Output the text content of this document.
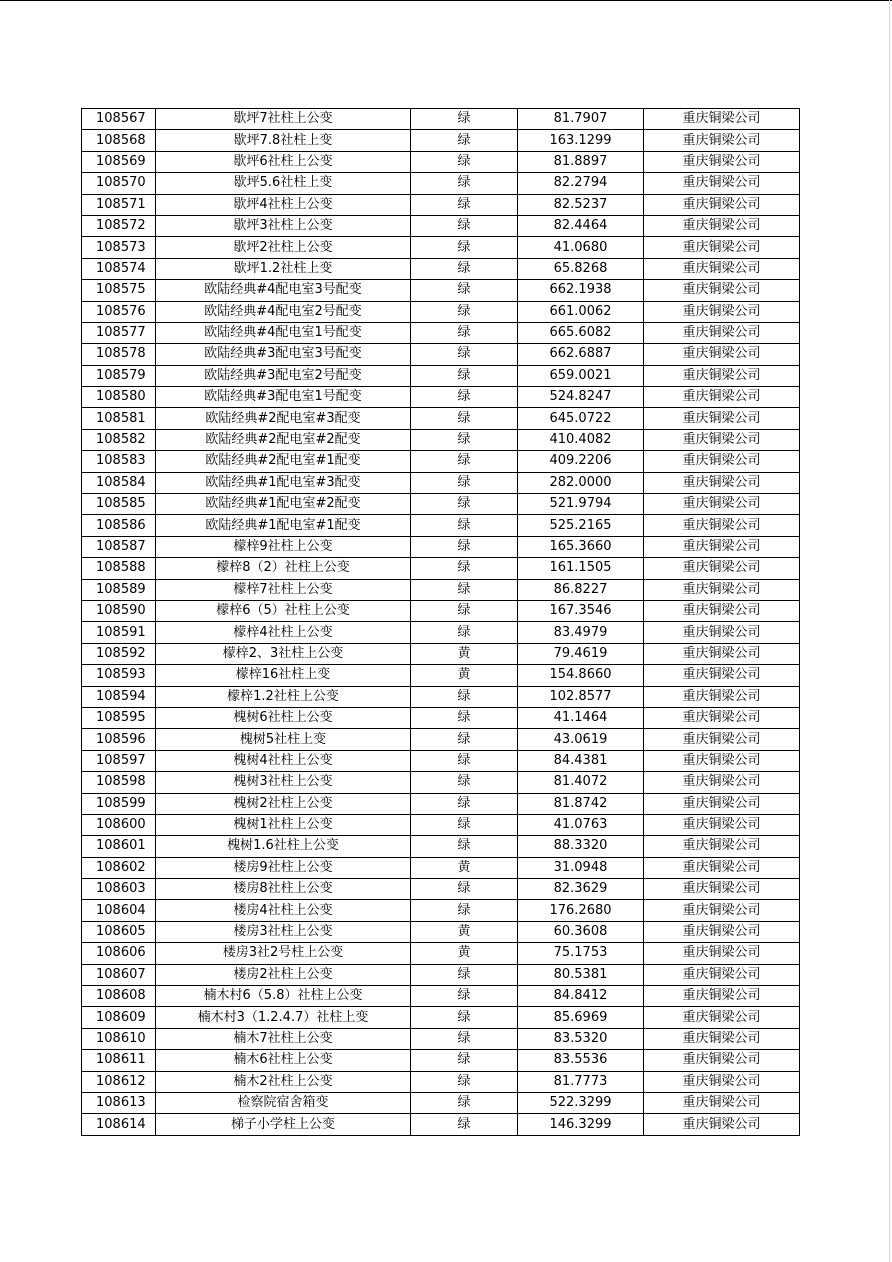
108567	歇坪7社柱上公变	绿	81.7907	重庆铜梁公司
108568	歇坪7.8社柱上变	绿	163.1299	重庆铜梁公司
108569	歇坪6社柱上公变	绿	81.8897	重庆铜梁公司
108570	歇坪5.6社柱上变	绿	82.2794	重庆铜梁公司
108571	歇坪4社柱上公变	绿	82.5237	重庆铜梁公司
108572	歇坪3社柱上公变	绿	82.4464	重庆铜梁公司
108573	歇坪2社柱上公变	绿	41.0680	重庆铜梁公司
108574	歇坪1.2社柱上变	绿	65.8268	重庆铜梁公司
108575	欧陆经典#4配电室3号配变	绿	662.1938	重庆铜梁公司
108576	欧陆经典#4配电室2号配变	绿	661.0062	重庆铜梁公司
108577	欧陆经典#4配电室1号配变	绿	665.6082	重庆铜梁公司
108578	欧陆经典#3配电室3号配变	绿	662.6887	重庆铜梁公司
108579	欧陆经典#3配电室2号配变	绿	659.0021	重庆铜梁公司
108580	欧陆经典#3配电室1号配变	绿	524.8247	重庆铜梁公司
108581	欧陆经典#2配电室#3配变	绿	645.0722	重庆铜梁公司
108582	欧陆经典#2配电室#2配变	绿	410.4082	重庆铜梁公司
108583	欧陆经典#2配电室#1配变	绿	409.2206	重庆铜梁公司
108584	欧陆经典#1配电室#3配变	绿	282.0000	重庆铜梁公司
108585	欧陆经典#1配电室#2配变	绿	521.9794	重庆铜梁公司
108586	欧陆经典#1配电室#1配变	绿	525.2165	重庆铜梁公司
108587	檬梓9社柱上公变	绿	165.3660	重庆铜梁公司
108588	檬梓8（2）社柱上公变	绿	161.1505	重庆铜梁公司
108589	檬梓7社柱上公变	绿	86.8227	重庆铜梁公司
108590	檬梓6（5）社柱上公变	绿	167.3546	重庆铜梁公司
108591	檬梓4社柱上公变	绿	83.4979	重庆铜梁公司
108592	檬梓2、3社柱上公变	黄	79.4619	重庆铜梁公司
108593	檬梓16社柱上变	黄	154.8660	重庆铜梁公司
108594	檬梓1.2社柱上公变	绿	102.8577	重庆铜梁公司
108595	槐树6社柱上公变	绿	41.1464	重庆铜梁公司
108596	槐树5社柱上变	绿	43.0619	重庆铜梁公司
108597	槐树4社柱上公变	绿	84.4381	重庆铜梁公司
108598	槐树3社柱上公变	绿	81.4072	重庆铜梁公司
108599	槐树2社柱上公变	绿	81.8742	重庆铜梁公司
108600	槐树1社柱上公变	绿	41.0763	重庆铜梁公司
108601	槐树1.6社柱上公变	绿	88.3320	重庆铜梁公司
108602	楼房9社柱上公变	黄	31.0948	重庆铜梁公司
108603	楼房8社柱上公变	绿	82.3629	重庆铜梁公司
108604	楼房4社柱上公变	绿	176.2680	重庆铜梁公司
108605	楼房3社柱上公变	黄	60.3608	重庆铜梁公司
108606	楼房3社2号柱上公变	黄	75.1753	重庆铜梁公司
108607	楼房2社柱上公变	绿	80.5381	重庆铜梁公司
108608	楠木村6（5.8）社柱上公变	绿	84.8412	重庆铜梁公司
108609	楠木村3（1.2.4.7）社柱上变	绿	85.6969	重庆铜梁公司
108610	楠木7社柱上公变	绿	83.5320	重庆铜梁公司
108611	楠木6社柱上公变	绿	83.5536	重庆铜梁公司
108612	楠木2社柱上公变	绿	81.7773	重庆铜梁公司
108613	检察院宿舍箱变	绿	522.3299	重庆铜梁公司
108614	梯子小学柱上公变	绿	146.3299	重庆铜梁公司
